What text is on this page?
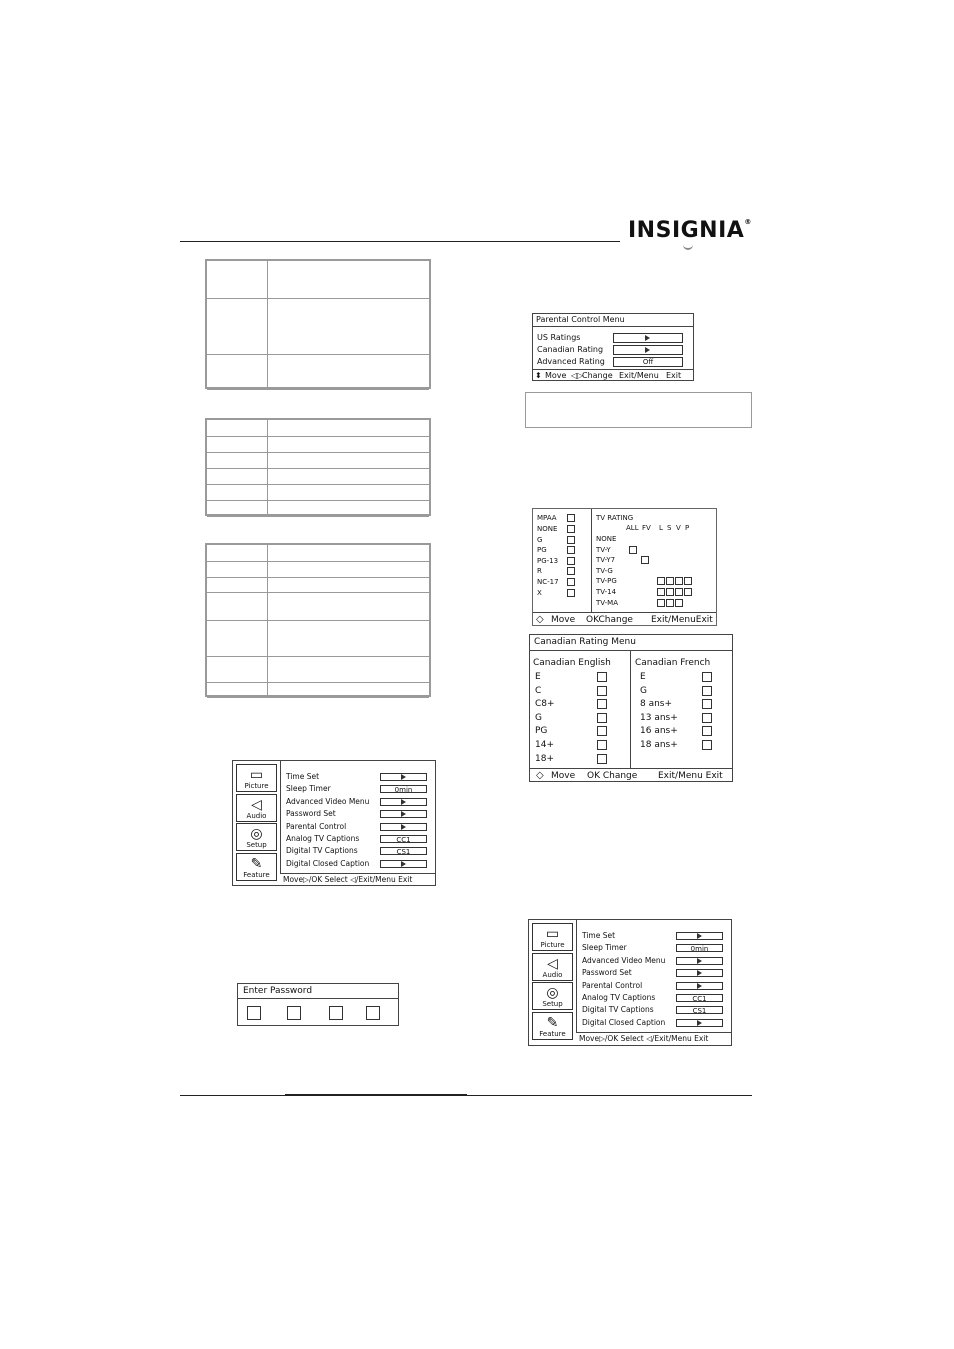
INSIGNIA®
Parental Control Menu
US Ratings
Canadian Rating
Advanced Rating	Off
⬍ Move ◁▷
Change Exit/Menu Exit
MPAA	TV RATING
◇ Move OKChange Exit/MenuExit
NONE
G
PG
PG-13
R
NC-17
X
ALL FV L S V P
NONE
TV-Y
TV-Y7
TV-G
TV-PG
TV-14
TV-MA
Canadian Rating Menu
Canadian English	Canadian French
◇ Move OK Change Exit/Menu Exit
E
C
C8+
G
PG
14+
18+
E
G
8 ans+
13 ans+
16 ans+
18 ans+
▭
Picture
◁
Audio
◎
Setup
✎
Feature
Time Set
Sleep Timer	0min
Advanced Video Menu
Password Set
Parental Control
Analog TV Captions	CC1
Digital TV Captions	CS1
Digital Closed Caption
Move▷/OK Select ◁/Exit/Menu Exit
▭
Picture
◁
Audio
◎
Setup
✎
Feature
Time Set
Sleep Timer	0min
Advanced Video Menu
Password Set
Parental Control
Analog TV Captions	CC1
Digital TV Captions	CS1
Digital Closed Caption
Move▷/OK Select ◁/Exit/Menu Exit
Enter Password
